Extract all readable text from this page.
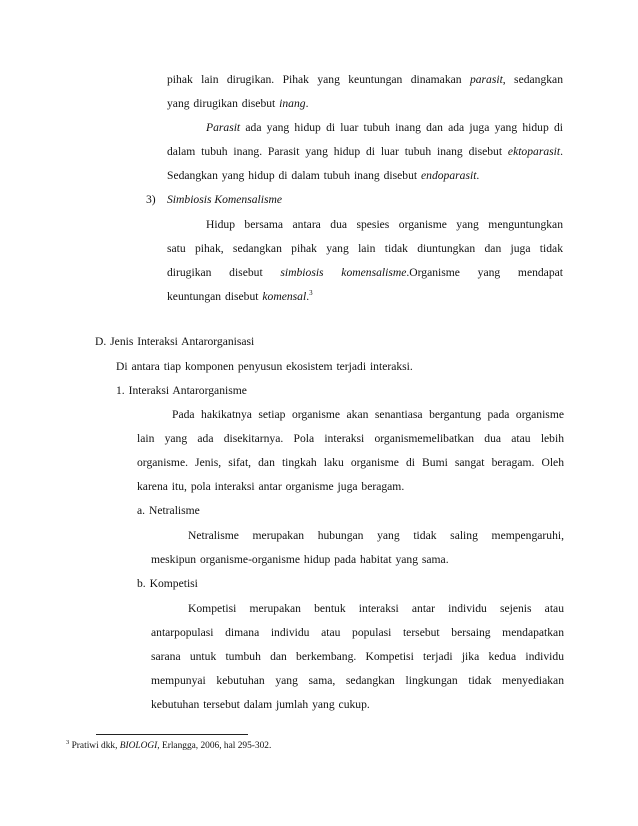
pihak lain dirugikan. Pihak yang keuntungan dinamakan parasit, sedangkan
yang dirugikan disebut inang.
Parasit ada yang hidup di luar tubuh inang dan ada juga yang hidup di
dalam tubuh inang. Parasit yang hidup di luar tubuh inang disebut ektoparasit.
Sedangkan yang hidup di dalam tubuh inang disebut endoparasit.
3) Simbiosis Komensalisme
Hidup bersama antara dua spesies organisme yang menguntungkan
satu pihak, sedangkan pihak yang lain tidak diuntungkan dan juga tidak
dirugikan disebut simbiosis komensalisme.Organisme yang mendapat
keuntungan disebut komensal.$^3$
D. Jenis Interaksi Antarorganisasi
Di antara tiap komponen penyusun ekosistem terjadi interaksi.
1. Interaksi Antarorganisme
Pada hakikatnya setiap organisme akan senantiasa bergantung pada organisme
lain yang ada disekitarnya. Pola interaksi organismemelibatkan dua atau lebih
organisme. Jenis, sifat, dan tingkah laku organisme di Bumi sangat beragam. Oleh
karena itu, pola interaksi antar organisme juga beragam.
a. Netralisme
Netralisme merupakan hubungan yang tidak saling mempengaruhi,
meskipun organisme-organisme hidup pada habitat yang sama.
b. Kompetisi
Kompetisi merupakan bentuk interaksi antar individu sejenis atau
antarpopulasi dimana individu atau populasi tersebut bersaing mendapatkan
sarana untuk tumbuh dan berkembang. Kompetisi terjadi jika kedua individu
mempunyai kebutuhan yang sama, sedangkan lingkungan tidak menyediakan
kebutuhan tersebut dalam jumlah yang cukup.
$^3$ Pratiwi dkk, BIOLOGI, Erlangga, 2006, hal 295-302.
